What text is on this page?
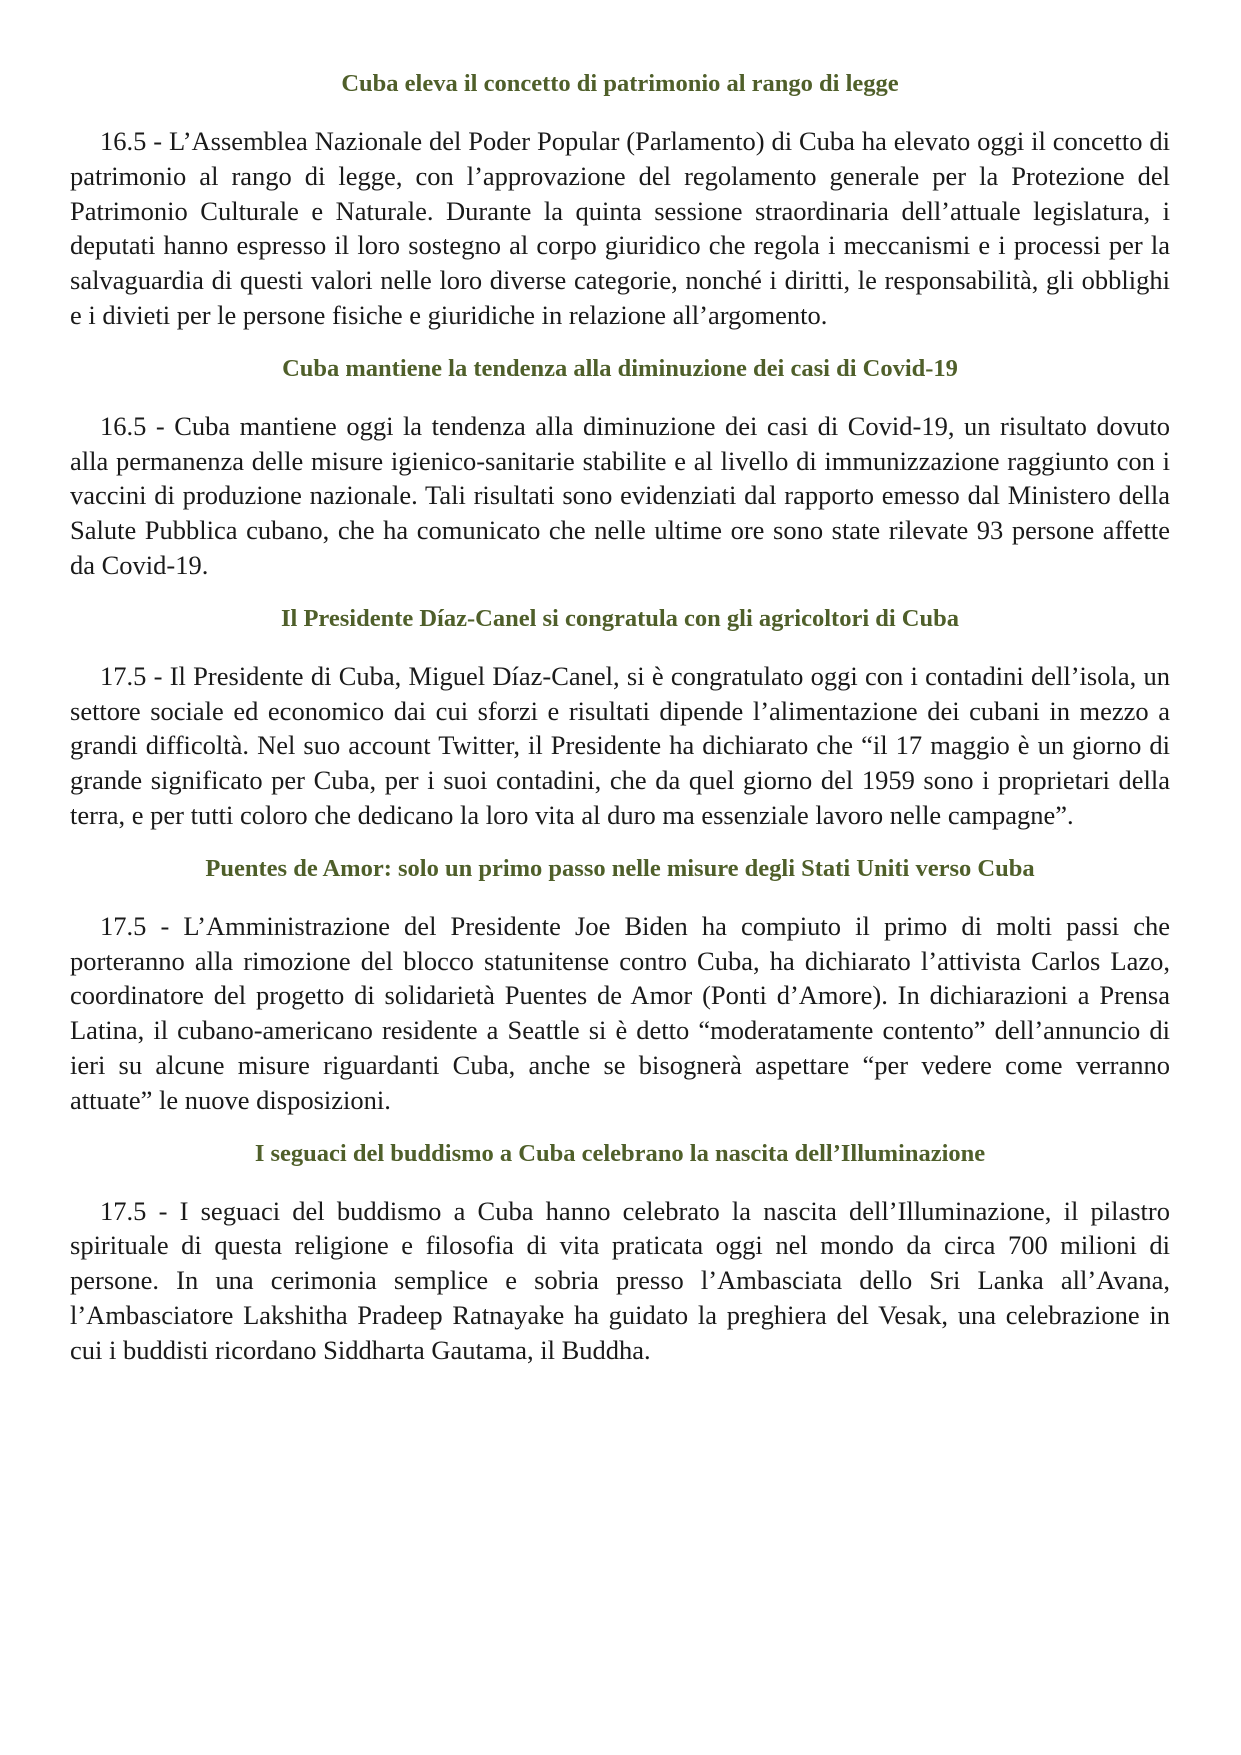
Cuba eleva il concetto di patrimonio al rango di legge

16.5 - L’Assemblea Nazionale del Poder Popular (Parlamento) di Cuba ha elevato oggi il concetto di patrimonio al rango di legge, con l’approvazione del regolamento generale per la Protezione del Patrimonio Culturale e Naturale. Durante la quinta sessione straordinaria dell’attuale legislatura, i deputati hanno espresso il loro sostegno al corpo giuridico che regola i meccanismi e i processi per la salvaguardia di questi valori nelle loro diverse categorie, nonché i diritti, le responsabilità, gli obblighi e i divieti per le persone fisiche e giuridiche in relazione all’argomento.

Cuba mantiene la tendenza alla diminuzione dei casi di Covid-19

16.5 - Cuba mantiene oggi la tendenza alla diminuzione dei casi di Covid-19, un risultato dovuto alla permanenza delle misure igienico-sanitarie stabilite e al livello di immunizzazione raggiunto con i vaccini di produzione nazionale. Tali risultati sono evidenziati dal rapporto emesso dal Ministero della Salute Pubblica cubano, che ha comunicato che nelle ultime ore sono state rilevate 93 persone affette da Covid-19.

Il Presidente Díaz-Canel si congratula con gli agricoltori di Cuba

17.5 - Il Presidente di Cuba, Miguel Díaz-Canel, si è congratulato oggi con i contadini dell’isola, un settore sociale ed economico dai cui sforzi e risultati dipende l’alimentazione dei cubani in mezzo a grandi difficoltà. Nel suo account Twitter, il Presidente ha dichiarato che “il 17 maggio è un giorno di grande significato per Cuba, per i suoi contadini, che da quel giorno del 1959 sono i proprietari della terra, e per tutti coloro che dedicano la loro vita al duro ma essenziale lavoro nelle campagne”.

Puentes de Amor: solo un primo passo nelle misure degli Stati Uniti verso Cuba

17.5 - L’Amministrazione del Presidente Joe Biden ha compiuto il primo di molti passi che porteranno alla rimozione del blocco statunitense contro Cuba, ha dichiarato l’attivista Carlos Lazo, coordinatore del progetto di solidarietà Puentes de Amor (Ponti d’Amore). In dichiarazioni a Prensa Latina, il cubano-americano residente a Seattle si è detto “moderatamente contento” dell’annuncio di ieri su alcune misure riguardanti Cuba, anche se bisognerà aspettare “per vedere come verranno attuate” le nuove disposizioni.

I seguaci del buddismo a Cuba celebrano la nascita dell’Illuminazione

17.5 - I seguaci del buddismo a Cuba hanno celebrato la nascita dell’Illuminazione, il pilastro spirituale di questa religione e filosofia di vita praticata oggi nel mondo da circa 700 milioni di persone. In una cerimonia semplice e sobria presso l’Ambasciata dello Sri Lanka all’Avana, l’Ambasciatore Lakshitha Pradeep Ratnayake ha guidato la preghiera del Vesak, una celebrazione in cui i buddisti ricordano Siddharta Gautama, il Buddha.
